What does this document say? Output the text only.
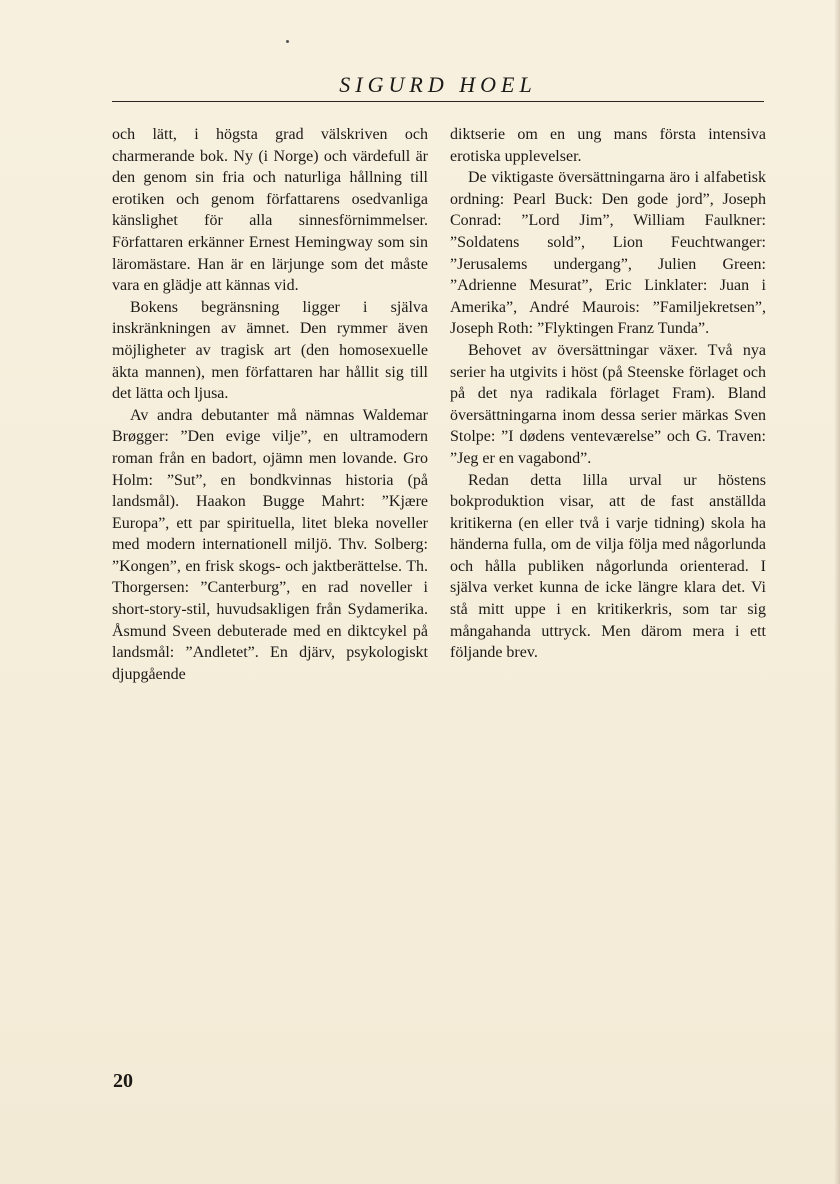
SIGURD HOEL

och lätt, i högsta grad välskriven och charmerande bok. Ny (i Norge) och värdefull är den genom sin fria och naturliga hållning till erotiken och genom författarens osedvanliga känslighet för alla sinnesförnimmelser. Författaren erkänner Ernest Hemingway som sin läromästare. Han är en lärjunge som det måste vara en glädje att kännas vid.

Bokens begränsning ligger i själva inskränkningen av ämnet. Den rymmer även möjligheter av tragisk art (den homosexuelle äkta mannen), men författaren har hållit sig till det lätta och ljusa.

Av andra debutanter må nämnas Waldemar Brøgger: ”Den evige vilje”, en ultramodern roman från en badort, ojämn men lovande. Gro Holm: ”Sut”, en bondkvinnas historia (på landsmål). Haakon Bugge Mahrt: ”Kjære Europa”, ett par spirituella, litet bleka noveller med modern internationell miljö. Thv. Solberg: ”Kongen”, en frisk skogs- och jaktberättelse. Th. Thorgersen: ”Canterburg”, en rad noveller i short-story-stil, huvudsakligen från Sydamerika. Åsmund Sveen debuterade med en diktcykel på landsmål: ”Andletet”. En djärv, psykologiskt djupgående

diktserie om en ung mans första intensiva erotiska upplevelser.

De viktigaste översättningarna äro i alfabetisk ordning: Pearl Buck: Den gode jord”, Joseph Conrad: ”Lord Jim”, William Faulkner: ”Soldatens sold”, Lion Feuchtwanger: ”Jerusalems undergang”, Julien Green: ”Adrienne Mesurat”, Eric Linklater: Juan i Amerika”, André Maurois: ”Familjekretsen”, Joseph Roth: ”Flyktingen Franz Tunda”.

Behovet av översättningar växer. Två nya serier ha utgivits i höst (på Steenske förlaget och på det nya radikala förlaget Fram). Bland översättningarna inom dessa serier märkas Sven Stolpe: ”I dødens venteværelse” och G. Traven: ”Jeg er en vagabond”.

Redan detta lilla urval ur höstens bokproduktion visar, att de fast anställda kritikerna (en eller två i varje tidning) skola ha händerna fulla, om de vilja följa med någorlunda och hålla publiken någorlunda orienterad. I själva verket kunna de icke längre klara det. Vi stå mitt uppe i en kritikerkris, som tar sig mångahanda uttryck. Men därom mera i ett följande brev.

20
